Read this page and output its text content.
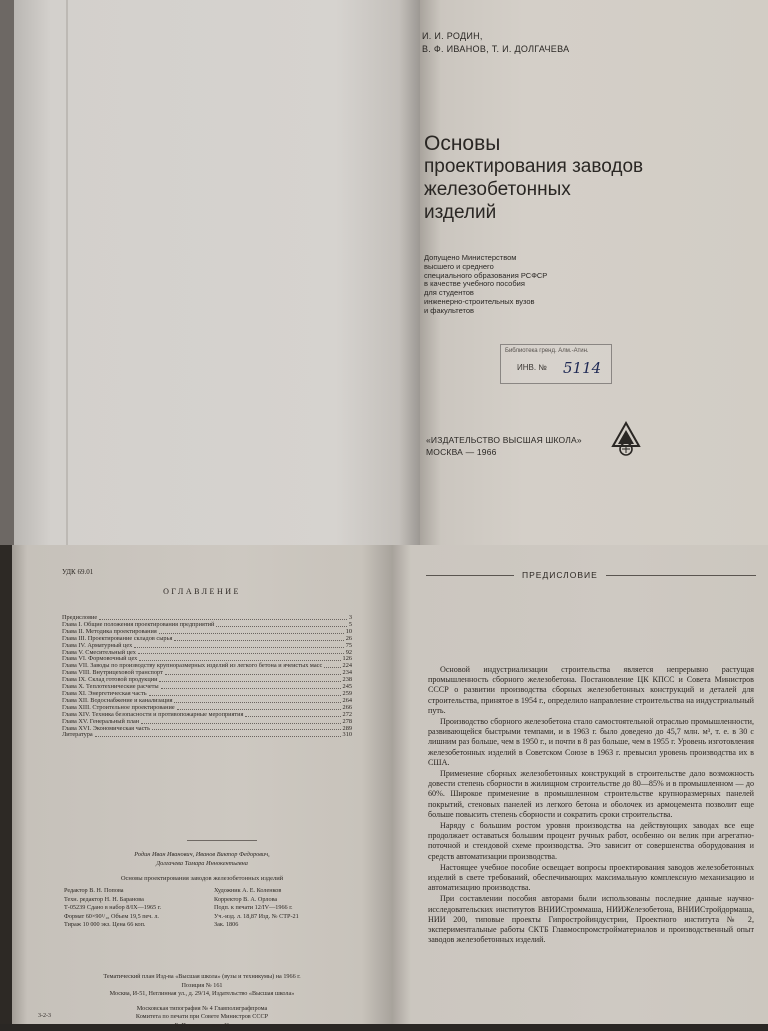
И. И. РОДИН,
В. Ф. ИВАНОВ, Т. И. ДОЛГАЧЕВА
Основы
проектирования заводов
железобетонных
изделий
Допущено Министерством
высшего и среднего
специального образования РСФСР
в качестве учебного пособия
для студентов
инженерно-строительных вузов
и факультетов
Библиотека гренд. Алм.-Атин.
ИНВ. № 5114
«ИЗДАТЕЛЬСТВО ВЫСШАЯ ШКОЛА»
МОСКВА — 1966
УДК 69.01
ОГЛАВЛЕНИЕ
Предисловие	3
Глава I. Общие положения проектирования предприятий	5
Глава II. Методика проектирования	10
Глава III. Проектирование складов сырья	26
Глава IV. Арматурный цех	75
Глава V. Смесительный цех	92
Глава VI. Формовочный цех	126
Глава VII. Заводы по производству крупноразмерных изделий из легкого бетона и ячеистых масс	224
Глава VIII. Внутрицеховой транспорт	234
Глава IX. Склад готовой продукции	238
Глава X. Теплотехнические расчеты	245
Глава XI. Энергетическая часть	259
Глава XII. Водоснабжение и канализация	264
Глава XIII. Строительное проектирование	266
Глава XIV. Техника безопасности и противопожарные мероприятия	272
Глава XV. Генеральный план	278
Глава XVI. Экономическая часть	289
Литература	310
Родин Иван Иванович, Иванов Виктор Федорович,
Долгачева Тамара Иннокентьевна
Основы проектирования заводов железобетонных изделий
Редактор В. Н. Попова	Художник А. Е. Коленков
Техн. редактор Н. Н. Баранова	Корректор В. А. Орлова
Т-05239 Сдано в набор 8/IX—1965 г.	Подп. к печати 12/IV—1966 г.
Формат 60×90¹/₁₆ Объем 19,5 печ. л.	Уч.-изд. л. 18,87 Изд. № СТР-21
Тираж 10 000 экз. Цена 66 коп.	Зак. 1806
Тематический план Изд-ва «Высшая школа» (вузы и техникумы) на 1966 г.
Позиция № 161
Москва, И-51, Неглинная ул., д. 29/14, Издательство «Высшая школа»
Московская типография № 4 Главполиграфпрома
Комитета по печати при Совете Министров СССР
Б. Переяславская, 46
3-2-3
ПРЕДИСЛОВИЕ

Основой индустриализации строительства является непрерывно растущая промышленность сборного железобетона. Постановление ЦК КПСС и Совета Министров СССР о развитии производства сборных железобетонных конструкций и деталей для строительства, принятое в 1954 г., определило направление строительства на индустриальный путь.

Производство сборного железобетона стало самостоятельной отраслью промышленности, развивающейся быстрыми темпами, и в 1963 г. было доведено до 45,7 млн. м³, т. е. в 30 с лишним раз больше, чем в 1950 г., и почти в 8 раз больше, чем в 1955 г. Уровень изготовления железобетонных изделий в Советском Союзе в 1963 г. превысил уровень производства их в США.

Применение сборных железобетонных конструкций в строительстве дало возможность довести степень сборности в жилищном строительстве до 80—85% и в промышленном — до 60%. Широкое применение в промышленном строительстве крупноразмерных панелей покрытий, стеновых панелей из легкого бетона и оболочек из армоцемента позволит еще больше повысить степень сборности и сократить сроки строительства.

Наряду с большим ростом уровня производства на действующих заводах все еще продолжает оставаться большим процент ручных работ, особенно он велик при агрегатно-поточной и стендовой схеме производства. Это зависит от совершенства оборудования и средств автоматизации производства.

Настоящее учебное пособие освещает вопросы проектирования заводов железобетонных изделий в свете требований, обеспечивающих максимальную комплексную механизацию и автоматизацию производства.

При составлении пособия авторами были использованы последние данные научно-исследовательских институтов ВНИИСтроммаша, НИИЖелезобетона, ВНИИСтройдормаша, НИИ 200, типовые проекты Гипростройиндустрии, Проектного института № 2, экспериментальные работы СКТБ Главмоспромстройматериалов и производственный опыт заводов железобетонных изделий.
